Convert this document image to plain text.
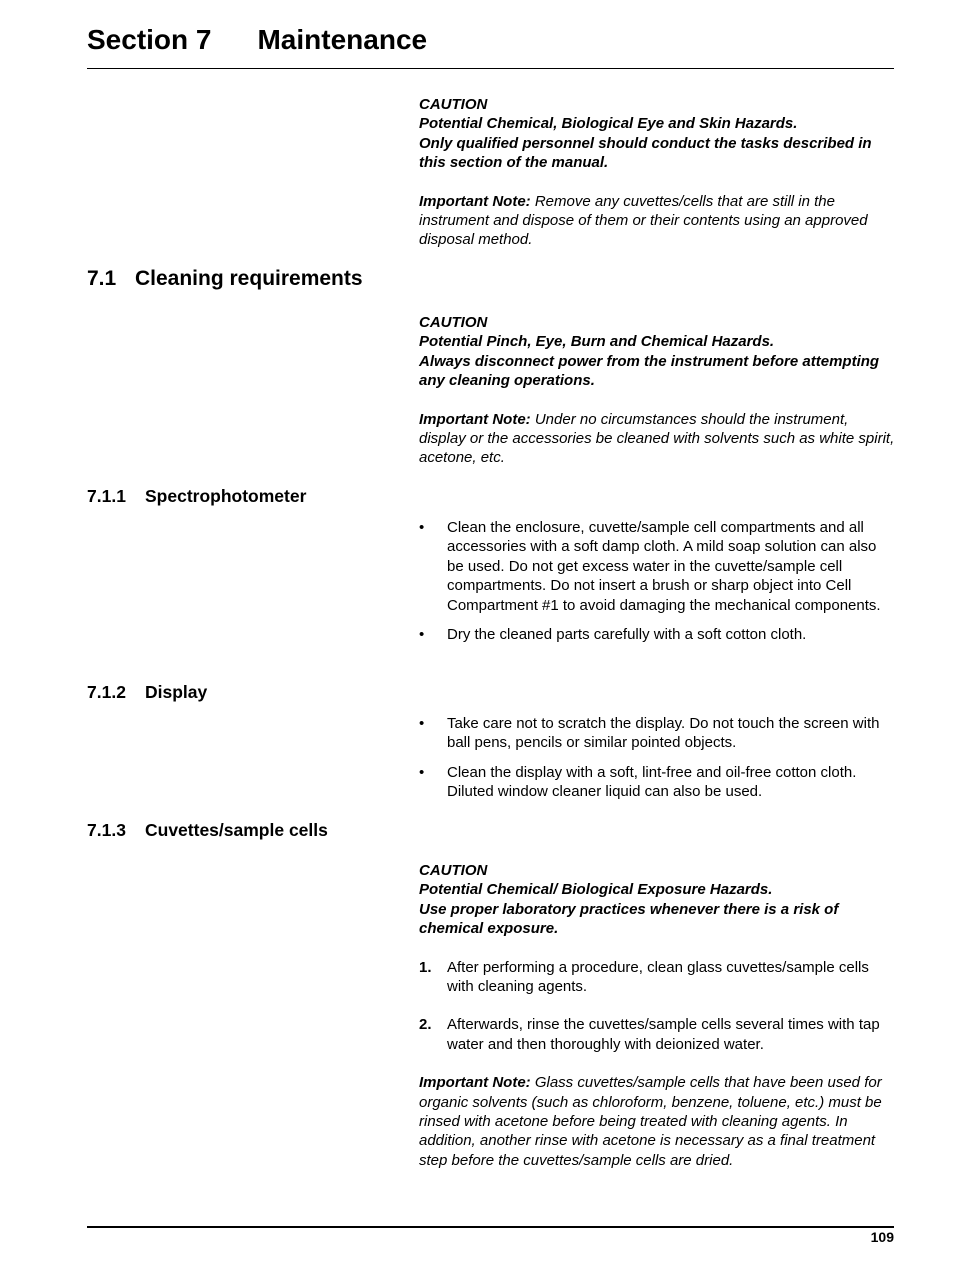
Section 7 Maintenance
CAUTION
Potential Chemical, Biological Eye and Skin Hazards.
Only qualified personnel should conduct the tasks described in this section of the manual.
Important Note: Remove any cuvettes/cells that are still in the instrument and dispose of them or their contents using an approved disposal method.
7.1 Cleaning requirements
CAUTION
Potential Pinch, Eye, Burn and Chemical Hazards.
Always disconnect power from the instrument before attempting any cleaning operations.
Important Note: Under no circumstances should the instrument, display or the accessories be cleaned with solvents such as white spirit, acetone, etc.
7.1.1 Spectrophotometer
• Clean the enclosure, cuvette/sample cell compartments and all accessories with a soft damp cloth. A mild soap solution can also be used. Do not get excess water in the cuvette/sample cell compartments. Do not insert a brush or sharp object into Cell Compartment #1 to avoid damaging the mechanical components.
• Dry the cleaned parts carefully with a soft cotton cloth.
7.1.2 Display
• Take care not to scratch the display. Do not touch the screen with ball pens, pencils or similar pointed objects.
• Clean the display with a soft, lint-free and oil-free cotton cloth. Diluted window cleaner liquid can also be used.
7.1.3 Cuvettes/sample cells
CAUTION
Potential Chemical/ Biological Exposure Hazards.
Use proper laboratory practices whenever there is a risk of chemical exposure.
1. After performing a procedure, clean glass cuvettes/sample cells with cleaning agents.
2. Afterwards, rinse the cuvettes/sample cells several times with tap water and then thoroughly with deionized water.
Important Note: Glass cuvettes/sample cells that have been used for organic solvents (such as chloroform, benzene, toluene, etc.) must be rinsed with acetone before being treated with cleaning agents. In addition, another rinse with acetone is necessary as a final treatment step before the cuvettes/sample cells are dried.
109
